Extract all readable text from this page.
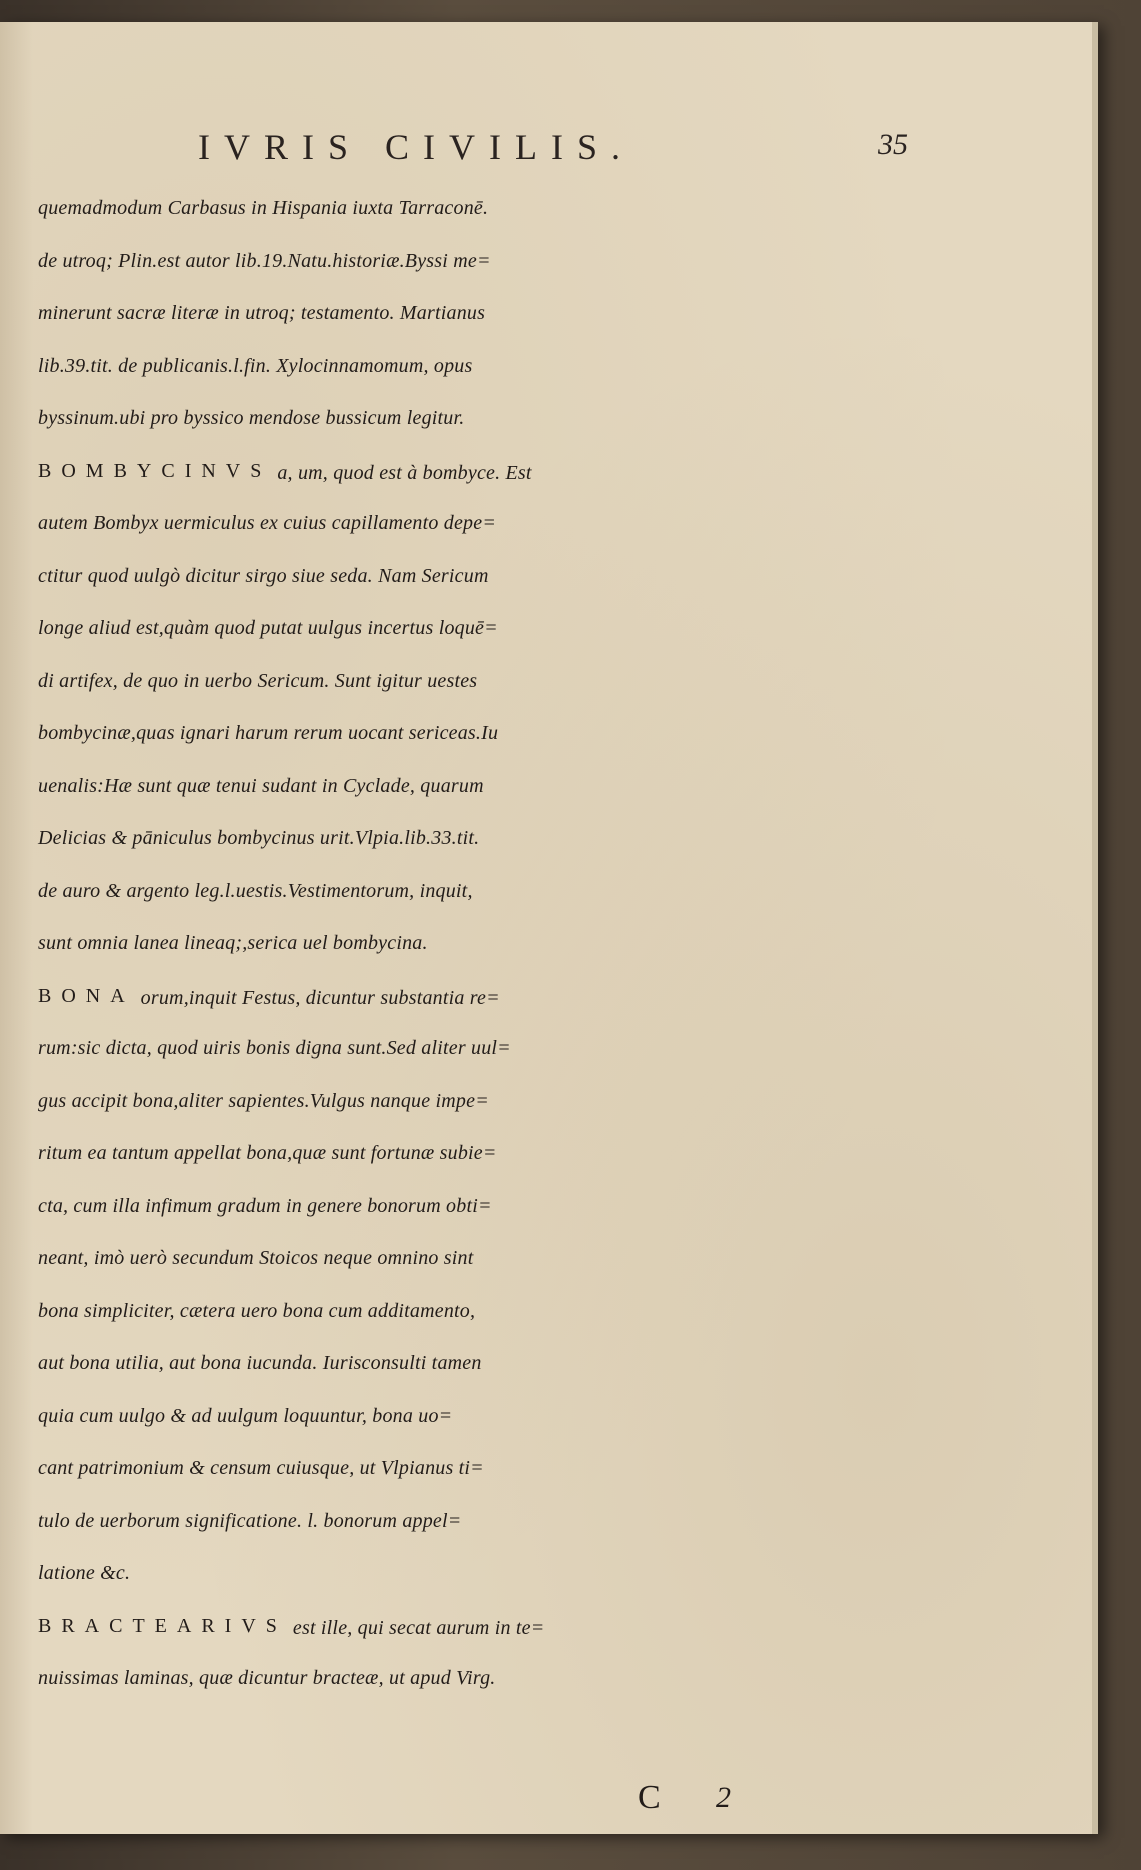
IVRIS CIVILIS.	35
quemadmodum Carbasus in Hispania iuxta Tarraconē.
de utroq; Plin.est autor lib.19.Natu.historiæ.Byssi me=
minerunt sacræ literæ in utroq; testamento. Martianus
lib.39.tit. de publicanis.l.fin. Xylocinnamomum, opus
byssinum.ubi pro byssico mendose bussicum legitur.
BOMBYCINVS a, um, quod est à bombyce. Est
autem Bombyx uermiculus ex cuius capillamento depe=
ctitur quod uulgò dicitur sirgo siue seda. Nam Sericum
longe aliud est,quàm quod putat uulgus incertus loquē=
di artifex, de quo in uerbo Sericum. Sunt igitur uestes
bombycinæ,quas ignari harum rerum uocant sericeas.Iu
uenalis:Hæ sunt quæ tenui sudant in Cyclade, quarum
Delicias & pāniculus bombycinus urit.Vlpia.lib.33.tit.
de auro & argento leg.l.uestis.Vestimentorum, inquit,
sunt omnia lanea lineaq;,serica uel bombycina.
BONA orum,inquit Festus, dicuntur substantia re=
rum:sic dicta, quod uiris bonis digna sunt.Sed aliter uul=
gus accipit bona,aliter sapientes.Vulgus nanque impe=
ritum ea tantum appellat bona,quæ sunt fortunæ subie=
cta, cum illa infimum gradum in genere bonorum obti=
neant, imò uerò secundum Stoicos neque omnino sint
bona simpliciter, cætera uero bona cum additamento,
aut bona utilia, aut bona iucunda. Iurisconsulti tamen
quia cum uulgo & ad uulgum loquuntur, bona uo=
cant patrimonium & censum cuiusque, ut Vlpianus ti=
tulo de uerborum significatione. l. bonorum appel=
latione &c.
BRACTEARIVS est ille, qui secat aurum in te=
nuissimas laminas, quæ dicuntur bracteæ, ut apud Virg.
C 2
